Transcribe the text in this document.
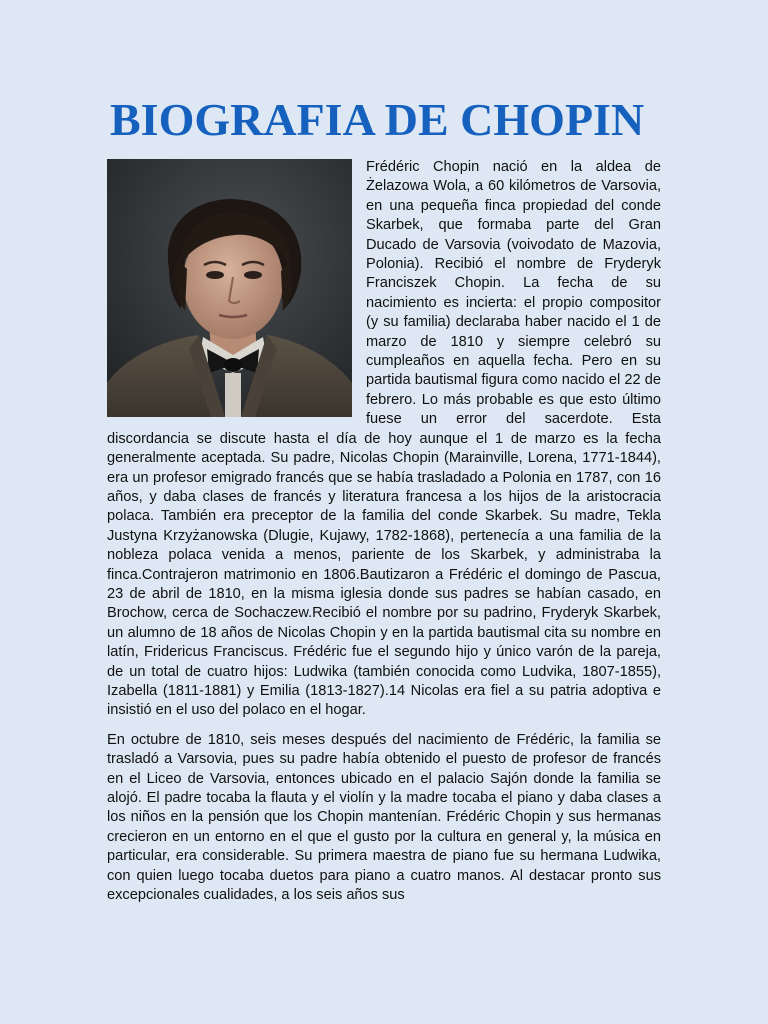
BIOGRAFIA DE CHOPIN

Frédéric Chopin nació en la aldea de Żelazowa Wola, a 60 kilómetros de Varsovia, en una pequeña finca propiedad del conde Skarbek, que formaba parte del Gran Ducado de Varsovia (voivodato de Mazovia, Polonia). Recibió el nombre de Fryderyk Franciszek Chopin. La fecha de su nacimiento es incierta: el propio compositor (y su familia) declaraba haber nacido el 1 de marzo de 1810 y siempre celebró su cumpleaños en aquella fecha. Pero en su partida bautismal figura como nacido el 22 de febrero. Lo más probable es que esto último fuese un error del sacerdote. Esta discordancia se discute hasta el día de hoy aunque el 1 de marzo es la fecha generalmente aceptada. Su padre, Nicolas Chopin (Marainville, Lorena, 1771-1844), era un profesor emigrado francés que se había trasladado a Polonia en 1787, con 16 años, y daba clases de francés y literatura francesa a los hijos de la aristocracia polaca. También era preceptor de la familia del conde Skarbek. Su madre, Tekla Justyna Krzyżanowska (Dlugie, Kujawy, 1782-1868), pertenecía a una familia de la nobleza polaca venida a menos, pariente de los Skarbek, y administraba la finca.Contrajeron matrimonio en 1806.Bautizaron a Frédéric el domingo de Pascua, 23 de abril de 1810, en la misma iglesia donde sus padres se habían casado, en Brochow, cerca de Sochaczew.Recibió el nombre por su padrino, Fryderyk Skarbek, un alumno de 18 años de Nicolas Chopin y en la partida bautismal cita su nombre en latín, Fridericus Franciscus. Frédéric fue el segundo hijo y único varón de la pareja, de un total de cuatro hijos: Ludwika (también conocida como Ludvika, 1807-1855), Izabella (1811-1881) y Emilia (1813-1827).14 Nicolas era fiel a su patria adoptiva e insistió en el uso del polaco en el hogar.

En octubre de 1810, seis meses después del nacimiento de Frédéric, la familia se trasladó a Varsovia, pues su padre había obtenido el puesto de profesor de francés en el Liceo de Varsovia, entonces ubicado en el palacio Sajón donde la familia se alojó. El padre tocaba la flauta y el violín y la madre tocaba el piano y daba clases a los niños en la pensión que los Chopin mantenían. Frédéric Chopin y sus hermanas crecieron en un entorno en el que el gusto por la cultura en general y, la música en particular, era considerable. Su primera maestra de piano fue su hermana Ludwika, con quien luego tocaba duetos para piano a cuatro manos. Al destacar pronto sus excepcionales cualidades, a los seis años sus
